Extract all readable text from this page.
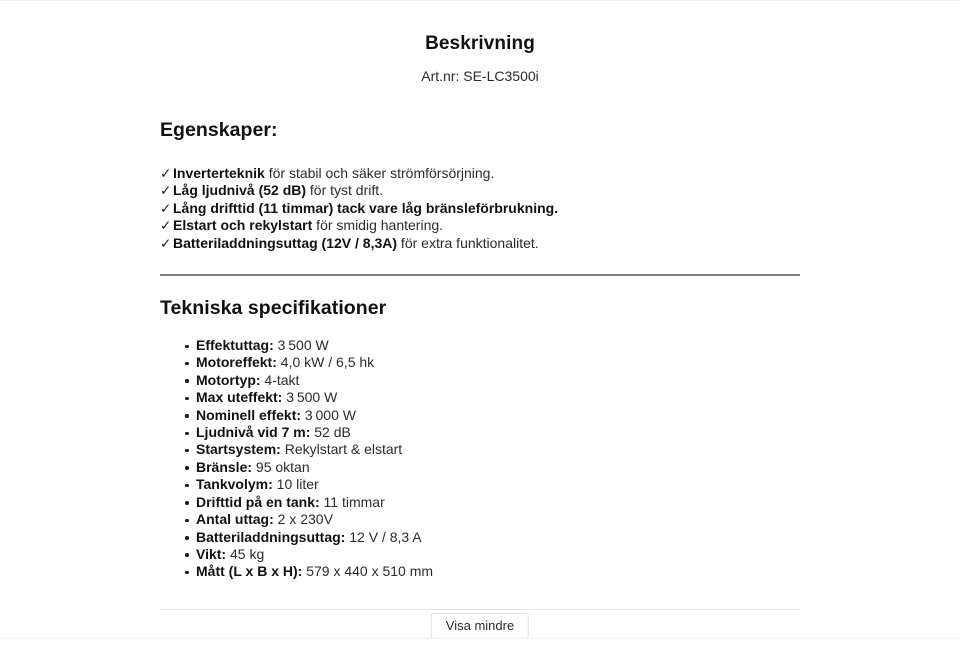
Beskrivning

Art.nr: SE-LC3500i

Egenskaper:
✓ Inverterteknik för stabil och säker strömförsörjning.
✓ Låg ljudnivå (52 dB) för tyst drift.
✓ Lång drifttid (11 timmar) tack vare låg bränsleförbrukning.
✓ Elstart och rekylstart för smidig hantering.
✓ Batteriladdningsuttag (12V / 8,3A) för extra funktionalitet.
Tekniska specifikationer
Effektuttag: 3 500 W
Motoreffekt: 4,0 kW / 6,5 hk
Motortyp: 4-takt
Max uteffekt: 3 500 W
Nominell effekt: 3 000 W
Ljudnivå vid 7 m: 52 dB
Startsystem: Rekylstart & elstart
Bränsle: 95 oktan
Tankvolym: 10 liter
Drifttid på en tank: 11 timmar
Antal uttag: 2 x 230V
Batteriladdningsuttag: 12 V / 8,3 A
Vikt: 45 kg
Mått (L x B x H): 579 x 440 x 510 mm
Visa mindre
